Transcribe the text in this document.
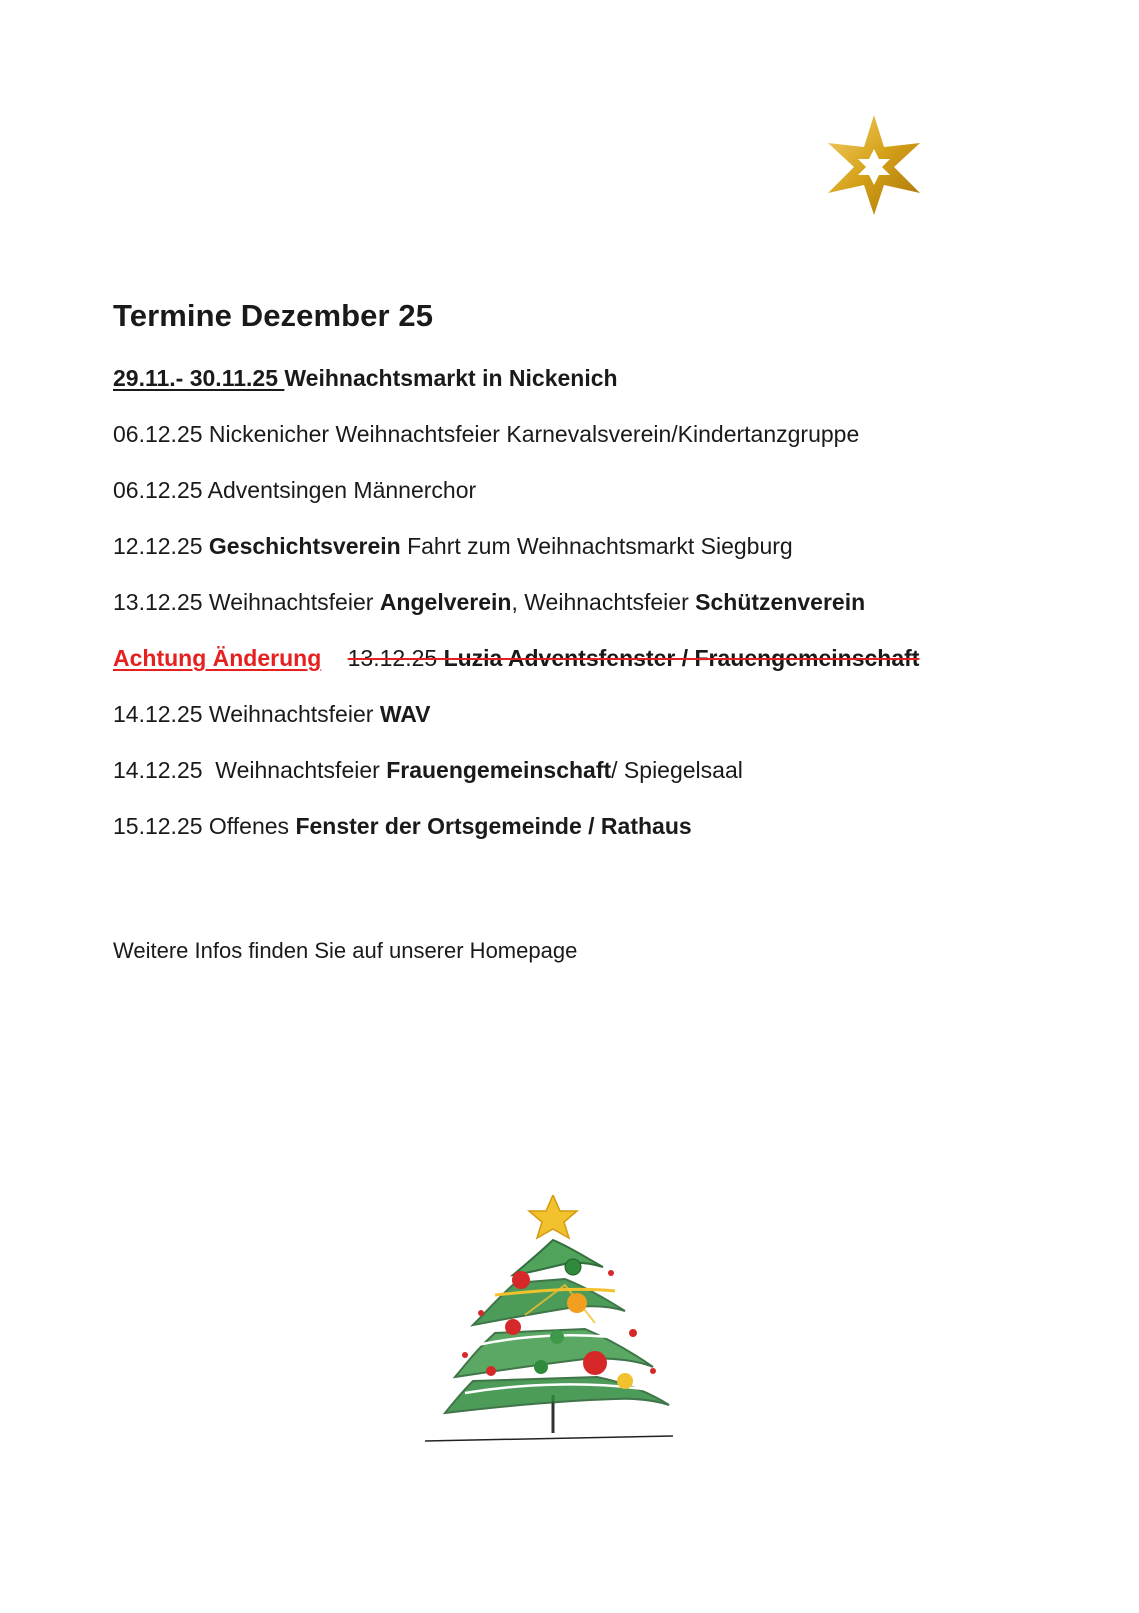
Termine Dezember 25
29.11.- 30.11.25 Weihnachtsmarkt in Nickenich
06.12.25 Nickenicher Weihnachtsfeier Karnevalsverein/Kindertanzgruppe
06.12.25 Adventsingen Männerchor
12.12.25 Geschichtsverein Fahrt zum Weihnachtsmarkt Siegburg
13.12.25 Weihnachtsfeier Angelverein, Weihnachtsfeier Schützenverein
Achtung Änderung 13.12.25 Luzia Adventsfenster / Frauengemeinschaft
14.12.25 Weihnachtsfeier WAV
14.12.25  Weihnachtsfeier Frauengemeinschaft/ Spiegelsaal
15.12.25 Offenes Fenster der Ortsgemeinde / Rathaus
Weitere Infos finden Sie auf unserer Homepage
